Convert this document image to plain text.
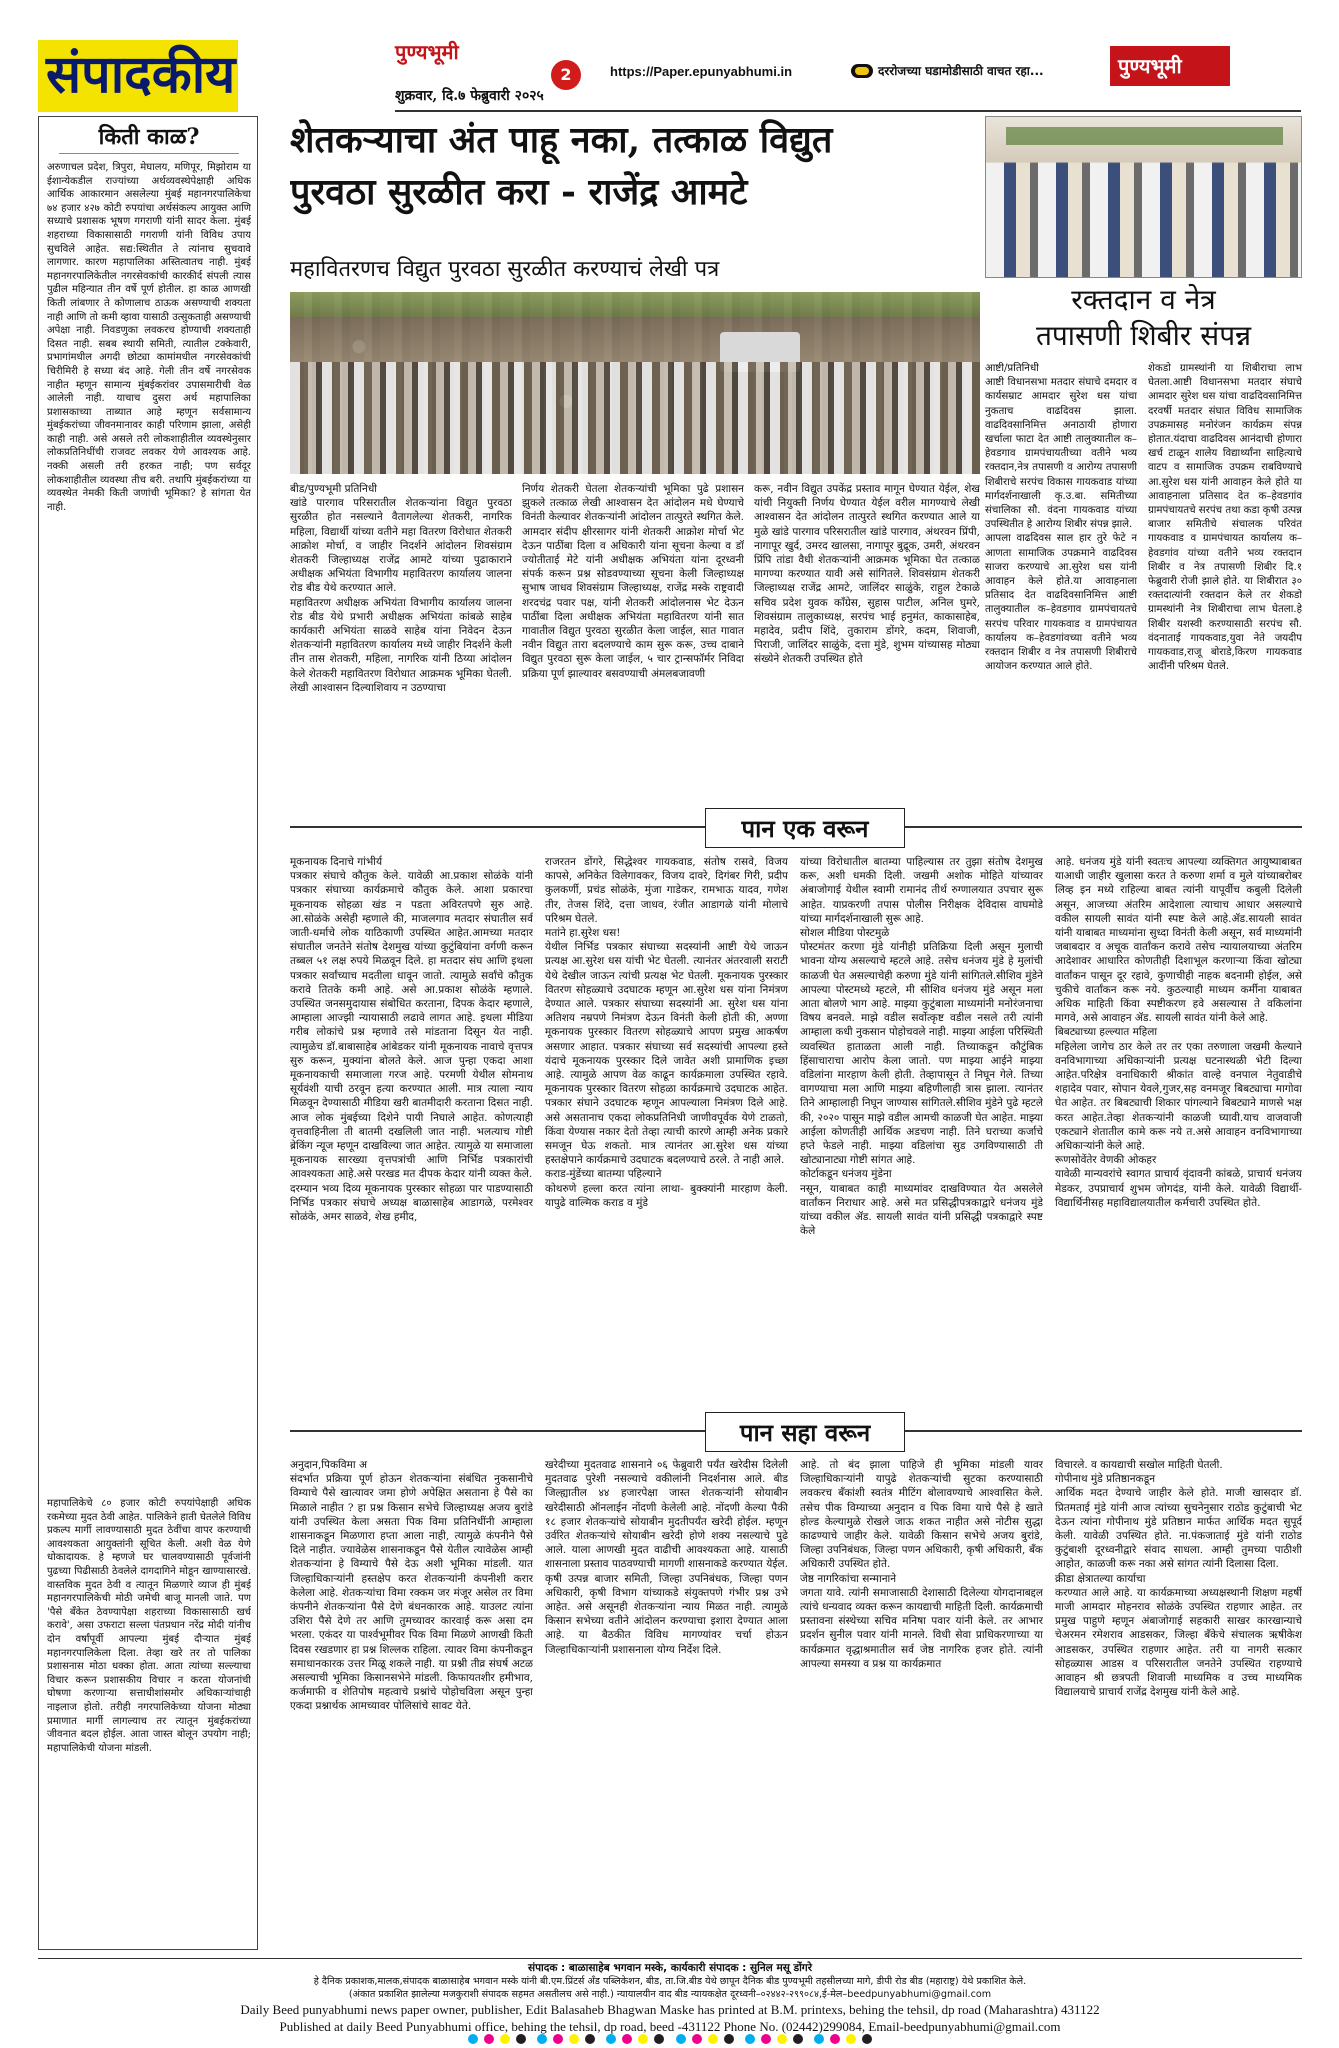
संपादकीय	पुण्यभूमी
शुक्रवार, दि.७ फेब्रुवारी २०२५
2	https://Paper.epunyabhumi.in	दररोजच्या घडामोडीसाठी वाचत रहा...	पुण्यभूमी
किती काळ?
अरुणाचल प्रदेश, त्रिपुरा, मेघालय, मणिपूर, मिझोराम या ईशान्येकडील राज्यांच्या अर्थव्यवस्थेपेक्षाही अधिक आर्थिक आकारमान असलेल्या मुंबई महानगरपालिकेचा ७४ हजार ४२७ कोटी रुपयांचा अर्थसंकल्प आयुक्त आणि सध्याचे प्रशासक भूषण गगराणी यांनी सादर केला. मुंबई शहराच्या विकासासाठी गगराणी यांनी विविध उपाय सुचविले आहेत. सद्य:स्थितीत ते त्यांनाच सुचवावे लागणार. कारण महापालिका अस्तित्वातच नाही. मुंबई महानगरपालिकेतील नगरसेवकांची कारकीर्द संपली त्यास पुढील महिन्यात तीन वर्षे पूर्ण होतील. हा काळ आणखी किती लांबणार ते कोणालाच ठाऊक असण्याची शक्यता नाही आणि तो कमी व्हावा यासाठी उत्सुकताही असण्याची अपेक्षा नाही. निवडणुका लवकरच होण्याची शक्यताही दिसत नाही. सबब स्थायी समिती, त्यातील टक्केवारी, प्रभागांमधील अगदी छोट्या कामांमधील नगरसेवकांची चिरीमिरी हे सध्या बंद आहे. गेली तीन वर्षे नगरसेवक नाहीत म्हणून सामान्य मुंबईकरांवर उपासमारीची वेळ आलेली नाही. याचाच दुसरा अर्थ महापालिका प्रशासकाच्या ताब्यात आहे म्हणून सर्वसामान्य मुंबईकरांच्या जीवनमानावर काही परिणाम झाला, असेही काही नाही. असे असले तरी लोकशाहीतील व्यवस्थेनुसार लोकप्रतिनिधींची राजवट लवकर येणे आवश्यक आहे. नक्की असली तरी हरकत नाही; पण सर्वदूर लोकशाहीतील व्यवस्था तीच बरी. तथापि मुंबईकरांच्या या व्यवस्थेत नेमकी किती जणांची भूमिका? हे सांगता येत नाही.
महापालिकेचे ८० हजार कोटी रुपयांपेक्षाही अधिक रकमेच्या मुदत ठेवी आहेत. पालिकेने हाती घेतलेले विविध प्रकल्प मार्गी लावण्यासाठी मुदत ठेवींचा वापर करण्याची आवश्यकता आयुक्तांनी सूचित केली. अशी वेळ येणे धोकादायक. हे म्हणजे घर चालवण्यासाठी पूर्वजांनी पुढच्या पिढीसाठी ठेवलेले दागदागिने मोडून खाण्यासारखे. वास्तविक मुदत ठेवी व त्यातून मिळणारे व्याज ही मुंबई महानगरपालिकेची मोठी जमेची बाजू मानली जाते. पण 'पैसे बँकेत ठेवण्यापेक्षा शहराच्या विकासासाठी खर्च करावे', असा उफराटा सल्ला पंतप्रधान नरेंद्र मोदी यांनीच दोन वर्षांपूर्वी आपल्या मुंबई दौऱ्यात मुंबई महानगरपालिकेला दिला. तेव्हा खरे तर तो पालिका प्रशासनास मोठा धक्का होता. आता त्यांच्या सल्ल्याचा विचार करून प्रशासकीय विचार न करता योजनांची घोषणा करणाऱ्या सत्ताधीशांसमोर अधिकाऱ्यांचाही नाइलाज होतो. तरीही नगरपालिकेच्या योजना मोठ्या प्रमाणात मार्गी लागल्याच तर त्यातून मुंबईकरांच्या जीवनात बदल होईल. आता जास्त बोलून उपयोग नाही; महापालिकेची योजना मांडली.
शेतकऱ्याचा अंत पाहू नका, तत्काळ विद्युत
पुरवठा सुरळीत करा - राजेंद्र आमटे
महावितरणच विद्युत पुरवठा सुरळीत करण्याचं लेखी पत्र
बीड/पुण्यभूमी प्रतिनिधी
खांडे पारगाव परिसरातील शेतकऱ्यांना विद्युत पुरवठा सुरळीत होत नसल्याने वैतागलेल्या शेतकरी, नागरिक महिला, विद्यार्थी यांच्या वतीने महा वितरण विरोधात शेतकरी आक्रोश मोर्चा, व जाहीर निदर्शने आंदोलन शिवसंग्राम शेतकरी जिल्हाध्यक्ष राजेंद्र आमटे यांच्या पुढाकाराने अधीक्षक अभियंता विभागीय महावितरण कार्यालय जालना रोड बीड येथे करण्यात आले.
महावितरण अधीक्षक अभियंता विभागीय कार्यालय जालना रोड बीड येथे प्रभारी अधीक्षक अभियंता कांबळे साहेब कार्यकारी अभियंता साळवे साहेब यांना निवेदन देऊन शेतकऱ्यांनी महावितरण कार्यालय मध्ये जाहीर निदर्शने केली तीन तास शेतकरी, महिला, नागरिक यांनी ठिय्या आंदोलन केले शेतकरी महावितरण विरोधात आक्रमक भूमिका घेतली. लेखी आश्वासन दिल्याशिवाय न उठण्याचा
निर्णय शेतकरी घेतला शेतकऱ्यांची भूमिका पुढे प्रशासन झुकले तत्काळ लेखी आश्वासन देत आंदोलन मधे घेण्याचे विनंती केल्यावर शेतकऱ्यांनी आंदोलन तात्पुरते स्थगित केले. आमदार संदीप क्षीरसागर यांनी शेतकरी आक्रोश मोर्चा भेट देऊन पाठींबा दिला व अधिकारी यांना सूचना केल्या व डॉ ज्योतीताई मेटे यांनी अधीक्षक अभियंता यांना दूरध्वनी संपर्क करून प्रश्न सोडवण्याच्या सूचना केली जिल्हाध्यक्ष सुभाष जाधव शिवसंग्राम जिल्हाध्यक्ष, राजेंद्र मस्के राष्ट्रवादी शरदचंद्र पवार पक्ष, यांनी शेतकरी आंदोलनास भेट देऊन पाठींबा दिला अधीक्षक अभियंता महावितरण यांनी सात गावातील विद्युत पुरवठा सुरळीत केला जाईल, सात गावात नवीन विद्युत तारा बदलण्याचे काम सुरू करू, उच्च दाबाने विद्युत पुरवठा सुरू केला जाईल, ५ चार ट्रान्सफॉर्मर निविदा प्रक्रिया पूर्ण झाल्यावर बसवण्याची अंमलबजावणी
करू, नवीन विद्युत उपकेंद्र प्रस्ताव मागून घेण्यात येईल, शेख यांची नियुक्ती निर्णय घेण्यात येईल वरील मागण्याचे लेखी आश्वासन देत आंदोलन तात्पुरते स्थगित करण्यात आले या मुळे खांडे पारगाव परिसरातील खांडे पारगाव, अंथरवन प्रिंपी, नागापूर खुर्द, उमरद खालसा, नागापूर बुद्रूक, उमरी, अंथरवन प्रिंपि तांडा वैधी शेतकऱ्यांनी आक्रमक भूमिका घेत तत्काळ मागण्या करण्यात यावी असे सांगितले. शिवसंग्राम शेतकरी जिल्हाध्यक्ष राजेंद्र आमटे, जालिंदर साळुंके, राहुल टेकाळे सचिव प्रदेश युवक काँग्रेस, सुहास पाटील, अनिल घुमरे, शिवसंग्राम तालुकाध्यक्ष, सरपंच भाई हनुमंत, काकासाहेब, महादेव, प्रदीप शिंदे, तुकाराम डोंगरे, कदम, शिवाजी, पिराजी, जालिंदर साळुंके, दत्ता मुंडे, शुभम यांच्यासह मोठ्या संख्येने शेतकरी उपस्थित होते
रक्तदान व नेत्र
तपासणी शिबीर संपन्न
आष्टी/प्रतिनिधी
आष्टी विधानसभा मतदार संघाचे दमदार व कार्यसम्राट आमदार सुरेश धस यांचा नुकताच वाढदिवस झाला. वाढदिवसानिमित्त अनाठायी होणारा खर्चाला फाटा देत आष्टी तालुक्यातील क–हेवडगाव ग्रामपंचायतीच्या वतीने भव्य रक्तदान,नेत्र तपासणी व आरोग्य तपासणी शिबीराचे सरपंच विकास गायकवाड यांच्या मार्गदर्शनाखाली कृ.उ.बा. समितीच्या संचालिका सौ. वंदना गायकवाड यांच्या उपस्थितीत हे आरोग्य शिबीर संपन्न झाले.
आपला वाढदिवस साल हार तुरे फेटे न आणता सामाजिक उपक्रमाने वाढदिवस साजरा करण्याचे आ.सुरेश धस यांनी आवाहन केले होते.या आवाहनाला प्रतिसाद देत वाढदिवसानिमित्त आष्टी तालुक्यातील क–हेवडगाव ग्रामपंचायतचे सरपंच परिवार गायकवाड व ग्रामपंचायत कार्यालय क–हेवडगांवच्या वतीने भव्य रक्तदान शिबीर व नेत्र तपासणी शिबीराचे आयोजन करण्यात आले होते.
शेकडो ग्रामस्थांनी या शिबीराचा लाभ घेतला.आष्टी विधानसभा मतदार संघाचे आमदार सुरेश धस यांचा वाढदिवसानिमित्त दरवर्षी मतदार संघात विविध सामाजिक उपक्रमासह मनोरंजन कार्यक्रम संपन्न होतात.यंदाचा वाढदिवस आनंदाची होणारा खर्च टाळून शालेय विद्यार्थ्यांना साहित्याचे वाटप व सामाजिक उपक्रम राबविण्याचे आ.सुरेश धस यांनी आवाहन केले होते या आवाहनाला प्रतिसाद देत क–हेवडगांव ग्रामपंचायतचे सरपंच तथा कडा कृषी उत्पन्न बाजार समितीचे संचालक परिवंत गायकवाड व ग्रामपंचायत कार्यालय क–हेवडगांव यांच्या वतीने भव्य रक्तदान शिबीर व नेत्र तपासणी शिबीर दि.१ फेब्रुवारी रोजी झाले होते. या शिबीरात ३० रक्तदात्यांनी रक्तदान केले तर शेकडो ग्रामस्थांनी नेत्र शिबीराचा लाभ घेतला.हे शिबीर यशस्वी करण्यासाठी सरपंच सौ. वंदनाताई गायकवाड,युवा नेते जयदीप गायकवाड,राजू बोराडे,किरण गायकवाड आदींनी परिश्रम घेतले.
पान एक वरून
मूकनायक दिनाचे गांभीर्य
पत्रकार संघाचे कौतुक केले. यावेळी आ.प्रकाश सोळंके यांनी पत्रकार संघाच्या कार्यक्रमाचे कौतुक केले. आशा प्रकारचा मूकनायक सोहळा खंड न पडता अविरतपणे सुरु आहे. आ.सोळंके असेही म्हणाले की, माजलगाव मतदार संघातील सर्व जाती-धर्माचे लोक याठिकाणी उपस्थित आहेत.आमच्या मतदार संघातील जनतेने संतोष देशमुख यांच्या कुटुंबियांना वर्गणी करून तब्बल ५१ लक्ष रुपये मिळवून दिले. हा मतदार संघ आणि इथला पत्रकार सर्वांच्याच मदतीला धावून जातो. त्यामुळे सर्वांचे कौतुक करावे तितके कमी आहे. असे आ.प्रकाश सोळंके म्हणाले. उपस्थित जनसमुदायास संबोधित करताना, दिपक केदार म्हणाले, आम्हाला आज्झी न्यायासाठी लढावे लागत आहे. इथला मीडिया गरीब लोकांचे प्रश्न म्हणावे तसे मांडताना दिसून येत नाही. त्यामुळेच डॉ.बाबासाहेब आंबेडकर यांनी मूकनायक नावाचे वृत्तपत्र सुरु करून, मुक्यांना बोलते केले. आज पुन्हा एकदा आशा मूकनायकाची समाजाला गरज आहे. परमणी येथील सोमनाथ सूर्यवंशी याची ठरवून हत्या करण्यात आली. मात्र त्याला न्याय मिळवून देण्यासाठी मीडिया खरी बातमीदारी करताना दिसत नाही. आज लोक मुंबईच्या दिशेने पायी निघाले आहेत. कोणत्याही वृत्तवाहिनीला ती बातमी दखलिली जात नाही. भलत्याच गोष्टी ब्रेकिंग न्यूज म्हणून दाखविल्या जात आहेत. त्यामुळे या समाजाला मूकनायक सारख्या वृत्तपत्रांची आणि निर्भिड पत्रकारांची आवश्यकता आहे.असे परखड मत दीपक केदार यांनी व्यक्त केले.
दरम्यान भव्य दिव्य मूकनायक पुरस्कार सोहळा पार पाडण्यासाठी निर्भिड पत्रकार संघाचे अध्यक्ष बाळासाहेब आडागळे, परमेश्वर सोळंके, अमर साळवे, शेख हमीद,
राजरतन डोंगरे, सिद्धेश्वर गायकवाड, संतोष रासवे, विजय कापसे, अनिकेत विलेगावकर, विजय दावरे, दिगंबर गिरी, प्रदीप कुलकर्णी, प्रचंड सोळंके, मुंजा गाडेकर, रामभाऊ यादव, गणेश तीर, तेजस शिंदे, दत्ता जाधव, रंजीत आडागळे यांनी मोलाचे परिश्रम घेतले.
मतांने हा.सुरेश धस!
येथील निर्भिड पत्रकार संघाच्या सदस्यांनी आष्टी येथे जाऊन प्रत्यक्ष आ.सुरेश धस यांची भेट घेतली. त्यानंतर अंतरवाली सराटी येथे देखील जाऊन त्यांची प्रत्यक्ष भेट घेतली. मूकनायक पुरस्कार वितरण सोहळ्याचे उदघाटक म्हणून आ.सुरेश धस यांना निमंत्रण देण्यात आले. पत्रकार संघाच्या सदस्यांनी आ. सुरेश धस यांना अतिशय नम्रपणे निमंत्रण देऊन विनंती केली होती की, अण्णा मूकनायक पुरस्कार वितरण सोहळ्याचे आपण प्रमुख आकर्षण असणार आहात. पत्रकार संघाच्या सर्व सदस्यांची आपल्या हस्ते यंदाचे मूकनायक पुरस्कार दिले जावेत अशी प्रामाणिक इच्छा आहे. त्यामुळे आपण वेळ काढून कार्यक्रमाला उपस्थित रहावे. मूकनायक पुरस्कार वितरण सोहळा कार्यक्रमाचे उदघाटक आहेत. पत्रकार संघाने उदघाटक म्हणून आपल्याला निमंत्रण दिले आहे. असे असतानाच एकदा लोकप्रतिनिधी जाणीवपूर्वक येणे टाळतो, किंवा येण्यास नकार देतो तेव्हा त्याची कारणे आम्ही अनेक प्रकारे समजून घेऊ शकतो. मात्र त्यानंतर आ.सुरेश धस यांच्या हस्तक्षेपाने कार्यक्रमाचे उदघाटक बदलण्याचे ठरले. ते नाही आले.
कराड-मुंडेंच्या बातम्या पहिल्याने
कोथरुणे हल्ला करत त्यांना लाथा- बुक्क्यांनी मारहाण केली. यापुढे वाल्मिक कराड व मुंडे
यांच्या विरोधातील बातम्या पाहिल्यास तर तुझा संतोष देशमुख करू, अशी धमकी दिली. जखमी अशोक मोहिते यांच्यावर अंबाजोगाई येथील स्वामी रामानंद तीर्थ रुग्णालयात उपचार सुरू आहेत. याप्रकरणी तपास पोलीस निरीक्षक देविदास वाघमोडे यांच्या मार्गदर्शनाखाली सुरू आहे.
सोशल मीडिया पोस्टमुळे
पोस्टमंतर करणा मुंडे यांनीही प्रतिक्रिया दिली असून मुलाची भावना योग्य असल्याचे म्हटले आहे. तसेच धनंजय मुंडे हे मुलांची काळजी घेत असल्याचेही करुणा मुंडे यांनी सांगितले.सीशिव मुंडेने आपल्या पोस्टमध्ये म्हटले, मी सीशिव धनंजय मुंडे असून मला आता बोलणे भाग आहे. माझ्या कुटुंबाला माध्यमांनी मनोरंजनाचा विषय बनवले. माझे वडील सर्वोत्कृष्ट वडील नसले तरी त्यांनी आम्हाला कधी नुकसान पोहोचवले नाही. माझ्या आईला परिस्थिती व्यवस्थित हाताळता आली नाही. तिच्याकडून कौटुंबिक हिंसाचाराचा आरोप केला जातो. पण माझ्या आईने माझ्या वडिलांना मारहाण केली होती. तेव्हापासून ते निघून गेले. तिच्या वागण्याचा मला आणि माझ्या बहिणीलाही त्रास झाला. त्यानंतर तिने आम्हालाही निघून जाण्यास सांगितले.सीशिव मुंडेने पुढे म्हटले की, २०२० पासून माझे वडील आमची काळजी घेत आहेत. माझ्या आईला कोणतीही आर्थिक अडचण नाही. तिने घराच्या कर्जाचे हप्ते फेडले नाही. माझ्या वडिलांचा सुड उगविण्यासाठी ती खोट्यानाट्या गोष्टी सांगत आहे.
कोर्टाकडून धनंजय मुंडेना
नसून, याबाबत काही माध्यमांवर दाखविण्यात येत असलेले वार्तांकन निराधार आहे. असे मत प्रसिद्धीपत्रकाद्वारे धनंजय मुंडे यांच्या वकील ॲड. सायली सावंत यांनी प्रसिद्धी पत्रकाद्वारे स्पष्ट केले
आहे. धनंजय मुंडे यांनी स्वतःच आपल्या व्यक्तिगत आयुष्याबाबत याआधी जाहीर खुलासा करत ते करुणा शर्मा व मुले यांच्याबरोबर लिव्ह इन मध्ये राहिल्या बाबत त्यांनी यापूर्वीच कबुली दिलेली असून, आजच्या अंतरिम आदेशाला त्याचाच आधार असल्याचे वकील सायली सावंत यांनी स्पष्ट केले आहे.ॲड.सायली सावंत यांनी याबाबत माध्यमांना सुध्दा विनंती केली असून, सर्व माध्यमांनी जबाबदार व अचूक वार्तांकन करावे तसेच न्यायालयाच्या अंतरिम आदेशावर आधारित कोणतीही दिशाभूल करणाऱ्या किंवा खोट्या वार्तांकन पासून दूर रहावे, कुणाचीही नाहक बदनामी होईल, असे चुकीचे वार्तांकन करू नये. कुठल्याही माध्यम कर्मीना याबाबत अधिक माहिती किंवा स्पष्टीकरण हवे असल्यास ते वकिलांना मागवे, असे आवाहन ॲड. सायली सावंत यांनी केले आहे.
बिबट्याच्या हल्ल्यात महिला
महिलेला जागेच ठार केले तर तर एका तरुणाला जखमी केल्याने वनविभागाच्या अधिकाऱ्यांनी प्रत्यक्ष घटनास्थळी भेटी दिल्या आहेत.परिक्षेत्र वनाधिकारी श्रीकांत वाल्हे वनपाल नेतुवाडीचे शहादेव पवार, सोपान येवले,गुजर,सह वनमजूर बिबट्याचा मागोवा घेत आहेत. तर बिबट्याची शिकार पांगल्याने बिबट्याने माणसे भक्ष करत आहेत.तेव्हा शेतकऱ्यांनी काळजी घ्यावी.याच वाजवाजी एकट्याने शेतातील कामे करू नये त.असे आवाहन वनविभागाच्या अधिकाऱ्यांनी केले आहे.
रूणसोवेंतेर वेणकी ओकहर
यावेळी मान्यवरांचे स्वागत प्राचार्य वृंदावनी कांबळे, प्राचार्य धनंजय मेडकर, उपप्राचार्य शुभम जोगदंड, यांनी केले. यावेळी विद्यार्थी-विद्यार्थिनीसह महाविद्यालयातील कर्मचारी उपस्थित होते.
पान सहा वरून
अनुदान,पिकविमा अ
संदर्भात प्रक्रिया पूर्ण होऊन शेतकऱ्यांना संबंधित नुकसानीचे विम्याचे पैसे खात्यावर जमा होणे अपेक्षित असताना हे पैसे का मिळाले नाहीत ? हा प्रश्न किसान सभेचे जिल्हाध्यक्ष अजय बुरांडे यांनी उपस्थित केला असता पिक विमा प्रतिनिधींनी आम्हाला शासनाकडून मिळणारा हप्ता आला नाही, त्यामुळे कंपनीने पैसे दिले नाहीत. ज्यावेळेस शासनाकडून पैसे येतील त्यावेळेस आम्ही शेतकऱ्यांना हे विम्याचे पैसे देऊ अशी भूमिका मांडली. यात जिल्हाधिकाऱ्यांनी हस्तक्षेप करत शेतकऱ्यांनी कंपनीशी करार केलेला आहे. शेतकऱ्यांचा विमा रक्कम जर मंजूर असेल तर विमा कंपनीने शेतकऱ्यांना पैसे देणे बंधनकारक आहे. याउलट त्यांना उशिरा पैसे देणे तर आणि तुमच्यावर कारवाई करू असा दम भरला. एकंदर या पार्श्वभूमीवर पिक विमा मिळणे आणखी किती दिवस रखडणार हा प्रश्न शिल्लक राहिला. त्यावर विमा कंपनीकडून समाधानकारक उत्तर मिळू शकले नाही. या प्रश्नी तीव्र संघर्ष अटळ असल्याची भूमिका किसानसभेने मांडली. किफायतशीर हमीभाव, कर्जमाफी व शेतिपोष महत्वाचे प्रश्नांचे पोहोचविला असून पुन्हा एकदा प्रश्नार्थक आमच्यावर पोलिसांचे सावट येते.
खरेदीच्या मुदतवाढ शासनाने ०६ फेब्रुवारी पर्यंत खरेदीस दिलेली मुदतवाढ पुरेशी नसल्याचे वकीलांनी निदर्शनास आले. बीड जिल्ह्यातील ४४ हजारपेक्षा जास्त शेतकऱ्यांनी सोयाबीन खरेदीसाठी ऑनलाईन नोंदणी केलेली आहे. नोंदणी केल्या पैकी १८ हजार शेतकऱ्यांचे सोयाबीन मुदतीपर्यंत खरेदी होईल. म्हणून उर्वरित शेतकऱ्यांचे सोयाबीन खरेदी होणे शक्य नसल्याचे पुढे आले. याला आणखी मुदत वाढीची आवश्यकता आहे. यासाठी शासनाला प्रस्ताव पाठवण्याची मागणी शासनाकडे करण्यात येईल. कृषी उत्पन्न बाजार समिती, जिल्हा उपनिबंधक, जिल्हा पणन अधिकारी, कृषी विभाग यांच्याकडे संयुक्तपणे गंभीर प्रश्न उभे आहेत. असे असूनही शेतकऱ्यांना न्याय मिळत नाही. त्यामुळे किसान सभेच्या वतीने आंदोलन करण्याचा इशारा देण्यात आला आहे. या बैठकीत विविध मागण्यांवर चर्चा होऊन जिल्हाधिकाऱ्यांनी प्रशासनाला योग्य निर्देश दिले.
आहे. तो बंद झाला पाहिजे ही भूमिका मांडली यावर जिल्हाधिकाऱ्यांनी यापुढे शेतकऱ्यांची सुटका करण्यासाठी लवकरच बँकांशी स्वतंत्र मीटिंग बोलावण्याचे आश्वासित केले. तसेच पीक विम्याच्या अनुदान व पिक विमा याचे पैसे हे खाते होल्ड केल्यामुळे रोखले जाऊ शकत नाहीत असे नोटीस सुद्धा काढण्याचे जाहीर केले. यावेळी किसान सभेचे अजय बुरांडे, जिल्हा उपनिबंधक, जिल्हा पणन अधिकारी, कृषी अधिकारी, बँक अधिकारी उपस्थित होते.
जेष्ठ नागरिकांचा सन्मानाने
जगता यावे. त्यांनी समाजासाठी देशासाठी दिलेल्या योगदानाबद्दल त्यांचे धन्यवाद व्यक्त करून कायद्याची माहिती दिली. कार्यक्रमाची प्रस्तावना संस्थेच्या सचिव मनिषा पवार यांनी केले. तर आभार प्रदर्शन सुनील पवार यांनी मानले. विधी सेवा प्राधिकरणाच्या या कार्यक्रमात वृद्धाश्रमातील सर्व जेष्ठ नागरिक हजर होते. त्यांनी आपल्या समस्या व प्रश्न या कार्यक्रमात
विचारले. व कायद्याची सखोल माहिती घेतली.
गोपीनाथ मुंडे प्रतिष्ठानकडून
आर्थिक मदत देण्याचे जाहीर केले होते. माजी खासदार डॉ. प्रितमताई मुंडे यांनी आज त्यांच्या सुचनेनुसार राठोड कुटुंबाची भेट देऊन त्यांना गोपीनाथ मुंडे प्रतिष्ठान मार्फत आर्थिक मदत सुपूर्द केली. यावेळी उपस्थित होते. ना.पंकजाताई मुंडे यांनी राठोड कुटुंबाशी दूरध्वनीद्वारे संवाद साधला. आम्ही तुमच्या पाठीशी आहोत, काळजी करू नका असे सांगत त्यांनी दिलासा दिला.
क्रीडा क्षेत्रातल्या कार्याचा
करण्यात आले आहे. या कार्यक्रमाच्या अध्यक्षस्थानी शिक्षण महर्षी माजी आमदार मोहनराव सोळंके उपस्थित राहणार आहेत. तर प्रमुख पाहुणे म्हणून अंबाजोगाई सहकारी साखर कारखान्याचे चेअरमन रमेशराव आडसकर, जिल्हा बँकेचे संचालक ऋषीकेश आडसकर, उपस्थित राहणार आहेत. तरी या नागरी सत्कार सोहळ्यास आडस व परिसरातील जनतेने उपस्थित राहण्याचे आवाहन श्री छत्रपती शिवाजी माध्यमिक व उच्च माध्यमिक विद्यालयाचे प्राचार्य राजेंद्र देशमुख यांनी केले आहे.
संपादक : बाळासाहेब भगवान मस्के, कार्यकारी संपादक : सुनिल मसू डोंगरे
हे दैनिक प्रकाशक,मालक,संपादक बाळासाहेब भगवान मस्के यांनी बी.एम.प्रिंटर्स अँड पब्लिकेशन, बीड, ता.जि.बीड येथे छापून दैनिक बीड पुण्यभूमी तहसीलच्या मागे, डीपी रोड बीड (महाराष्ट्र) येथे प्रकाशित केले.
(अंकात प्रकाशित झालेल्या मजकुराशी संपादक सहमत असतीलच असे नाही.) न्यायालयीन वाद बीड न्यायकक्षेत दूरध्वनी–०२४४२-२९९०८४,ई-मेल–beedpunyabhumi@gmail.com
Daily Beed punyabhumi news paper owner, publisher, Edit Balasaheb Bhagwan Maske has printed at B.M. printexs, behing the tehsil, dp road (Maharashtra) 431122
Published at daily Beed Punyabhumi office, behing the tehsil, dp road, beed -431122 Phone No. (02442)299084, Email-beedpunyabhumi@gmail.com
